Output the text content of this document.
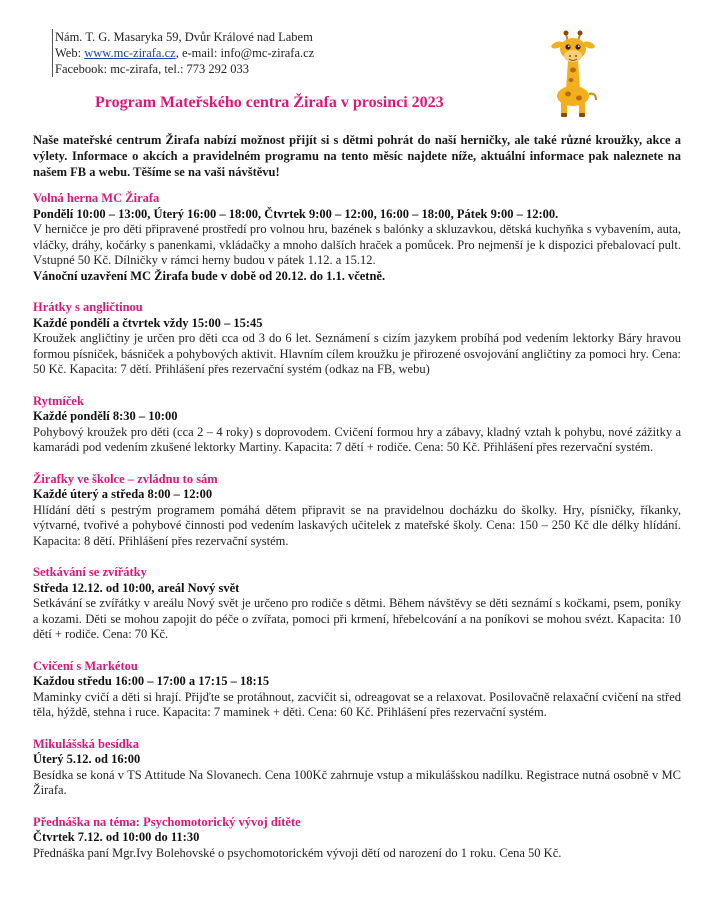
Nám. T. G. Masaryka 59, Dvůr Králové nad Labem
Web: www.mc-zirafa.cz, e-mail: info@mc-zirafa.cz
Facebook: mc-zirafa, tel.: 773 292 033
Program Mateřského centra Žirafa v prosinci 2023
Naše mateřské centrum Žirafa nabízí možnost přijít si s dětmi pohrát do naší herničky, ale také různé kroužky, akce a výlety. Informace o akcích a pravidelném programu na tento měsíc najdete níže, aktuální informace pak naleznete na našem FB a webu. Těšíme se na vaši návštěvu!
Volná herna MC Žirafa
Pondělí 10:00 – 13:00, Úterý 16:00 – 18:00, Čtvrtek 9:00 – 12:00, 16:00 – 18:00, Pátek 9:00 – 12:00.
V herničce je pro děti připravené prostředí pro volnou hru, bazének s balónky a skluzavkou, dětská kuchyňka s vybavením, auta, vláčky, dráhy, kočárky s panenkami, vkládačky a mnoho dalších hraček a pomůcek. Pro nejmenší je k dispozici přebalovací pult. Vstupné 50 Kč. Dílničky v rámci herny budou v pátek 1.12. a 15.12.
Vánoční uzavření MC Žirafa bude v době od 20.12. do 1.1. včetně.
Hrátky s angličtinou
Každé pondělí a čtvrtek vždy 15:00 – 15:45
Kroužek angličtiny je určen pro děti cca od 3 do 6 let. Seznámení s cizím jazykem probíhá pod vedením lektorky Báry hravou formou písniček, básniček a pohybových aktivit. Hlavním cílem kroužku je přirozené osvojování angličtiny za pomoci hry. Cena: 50 Kč. Kapacita: 7 dětí. Přihlášení přes rezervační systém (odkaz na FB, webu)
Rytmíček
Každé pondělí 8:30 – 10:00
Pohybový kroužek pro děti (cca 2 – 4 roky) s doprovodem. Cvičení formou hry a zábavy, kladný vztah k pohybu, nové zážitky a kamarádi pod vedením zkušené lektorky Martiny. Kapacita: 7 dětí + rodiče. Cena: 50 Kč. Přihlášení přes rezervační systém.
Žirafky ve školce – zvládnu to sám
Každé úterý a středa 8:00 – 12:00
Hlídání dětí s pestrým programem pomáhá dětem připravit se na pravidelnou docházku do školky. Hry, písničky, říkanky, výtvarné, tvořivé a pohybové činnosti pod vedením laskavých učitelek z mateřské školy. Cena: 150 – 250 Kč dle délky hlídání. Kapacita: 8 dětí. Přihlášení přes rezervační systém.
Setkávání se zvířátky
Středa 12.12. od 10:00, areál Nový svět
Setkávání se zvířátky v areálu Nový svět je určeno pro rodiče s dětmi. Během návštěvy se děti seznámí s kočkami, psem, poníky a kozami. Děti se mohou zapojit do péče o zvířata, pomoci při krmení, hřebelcování a na poníkovi se mohou svézt. Kapacita: 10 dětí + rodiče. Cena: 70 Kč.
Cvičení s Markétou
Každou středu 16:00 – 17:00 a 17:15 – 18:15
Maminky cvičí a děti si hrají. Přijďte se protáhnout, zacvičit si, odreagovat se a relaxovat. Posilovačně relaxační cvičení na střed těla, hýždě, stehna i ruce. Kapacita: 7 maminek + děti. Cena: 60 Kč. Přihlášení přes rezervační systém.
Mikulášská besídka
Úterý 5.12. od 16:00
Besídka se koná v TS Attitude Na Slovanech. Cena 100Kč zahrnuje vstup a mikulášskou nadílku. Registrace nutná osobně v MC Žirafa.
Přednáška na téma: Psychomotorický vývoj dítěte
Čtvrtek 7.12. od 10:00 do 11:30
Přednáška paní Mgr.Ivy Bolehovské o psychomotorickém vývoji dětí od narození do 1 roku. Cena 50 Kč.
